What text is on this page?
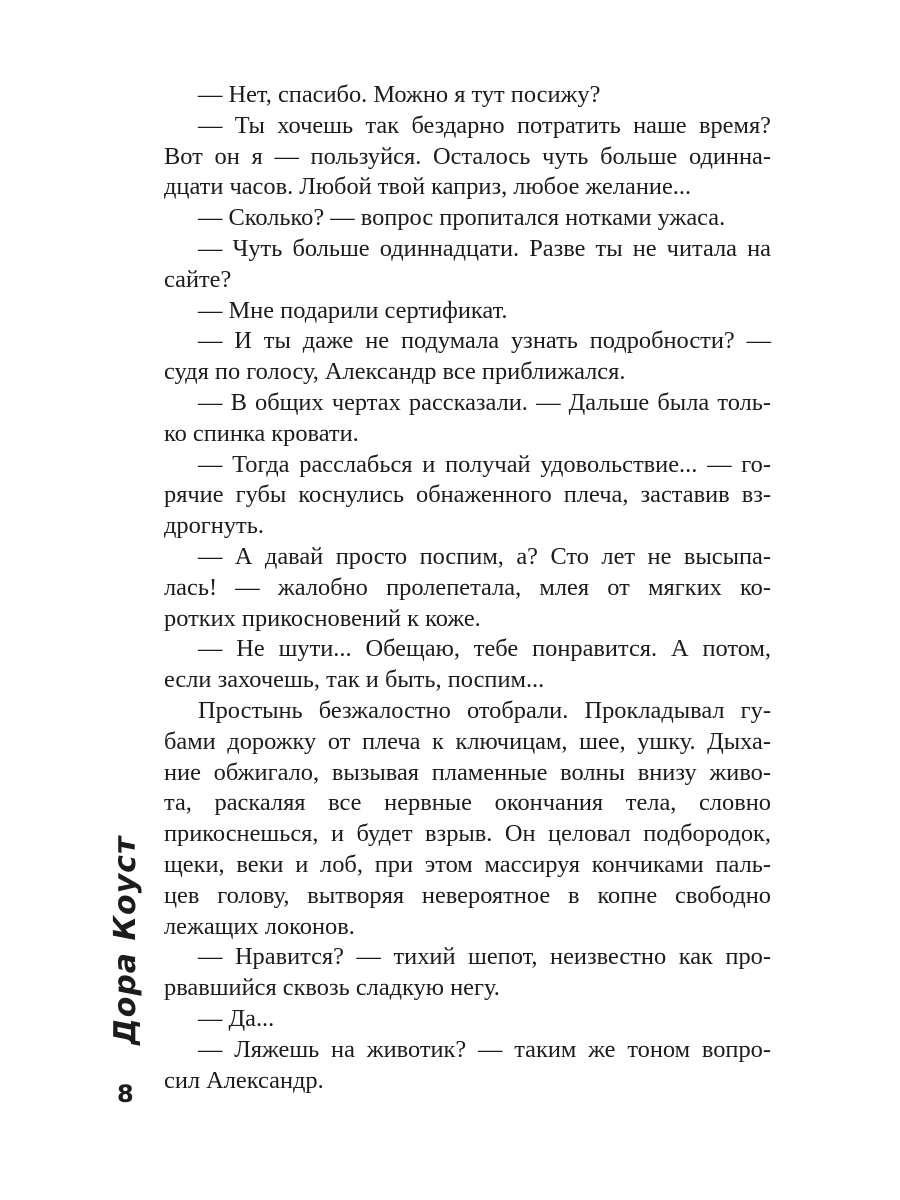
— Нет, спасибо. Можно я тут посижу?
— Ты хочешь так бездарно потратить наше время?
Вот он я — пользуйся. Осталось чуть больше одинна-
дцати часов. Любой твой каприз, любое желание...
— Сколько? — вопрос пропитался нотками ужаса.
— Чуть больше одиннадцати. Разве ты не читала на
сайте?
— Мне подарили сертификат.
— И ты даже не подумала узнать подробности? —
судя по голосу, Александр все приближался.
— В общих чертах рассказали. — Дальше была толь-
ко спинка кровати.
— Тогда расслабься и получай удовольствие... — го-
рячие губы коснулись обнаженного плеча, заставив вз-
дрогнуть.
— А давай просто поспим, а? Сто лет не высыпа-
лась! — жалобно пролепетала, млея от мягких ко-
ротких прикосновений к коже.
— Не шути... Обещаю, тебе понравится. А потом,
если захочешь, так и быть, поспим...
Простынь безжалостно отобрали. Прокладывал гу-
бами дорожку от плеча к ключицам, шее, ушку. Дыха-
ние обжигало, вызывая пламенные волны внизу живо-
та, раскаляя все нервные окончания тела, словно
прикоснешься, и будет взрыв. Он целовал подбородок,
щеки, веки и лоб, при этом массируя кончиками паль-
цев голову, вытворяя невероятное в копне свободно
лежащих локонов.
— Нравится? — тихий шепот, неизвестно как про-
рвавшийся сквозь сладкую негу.
— Да...
— Ляжешь на животик? — таким же тоном вопро-
сил Александр.
Дора Коуст
8
